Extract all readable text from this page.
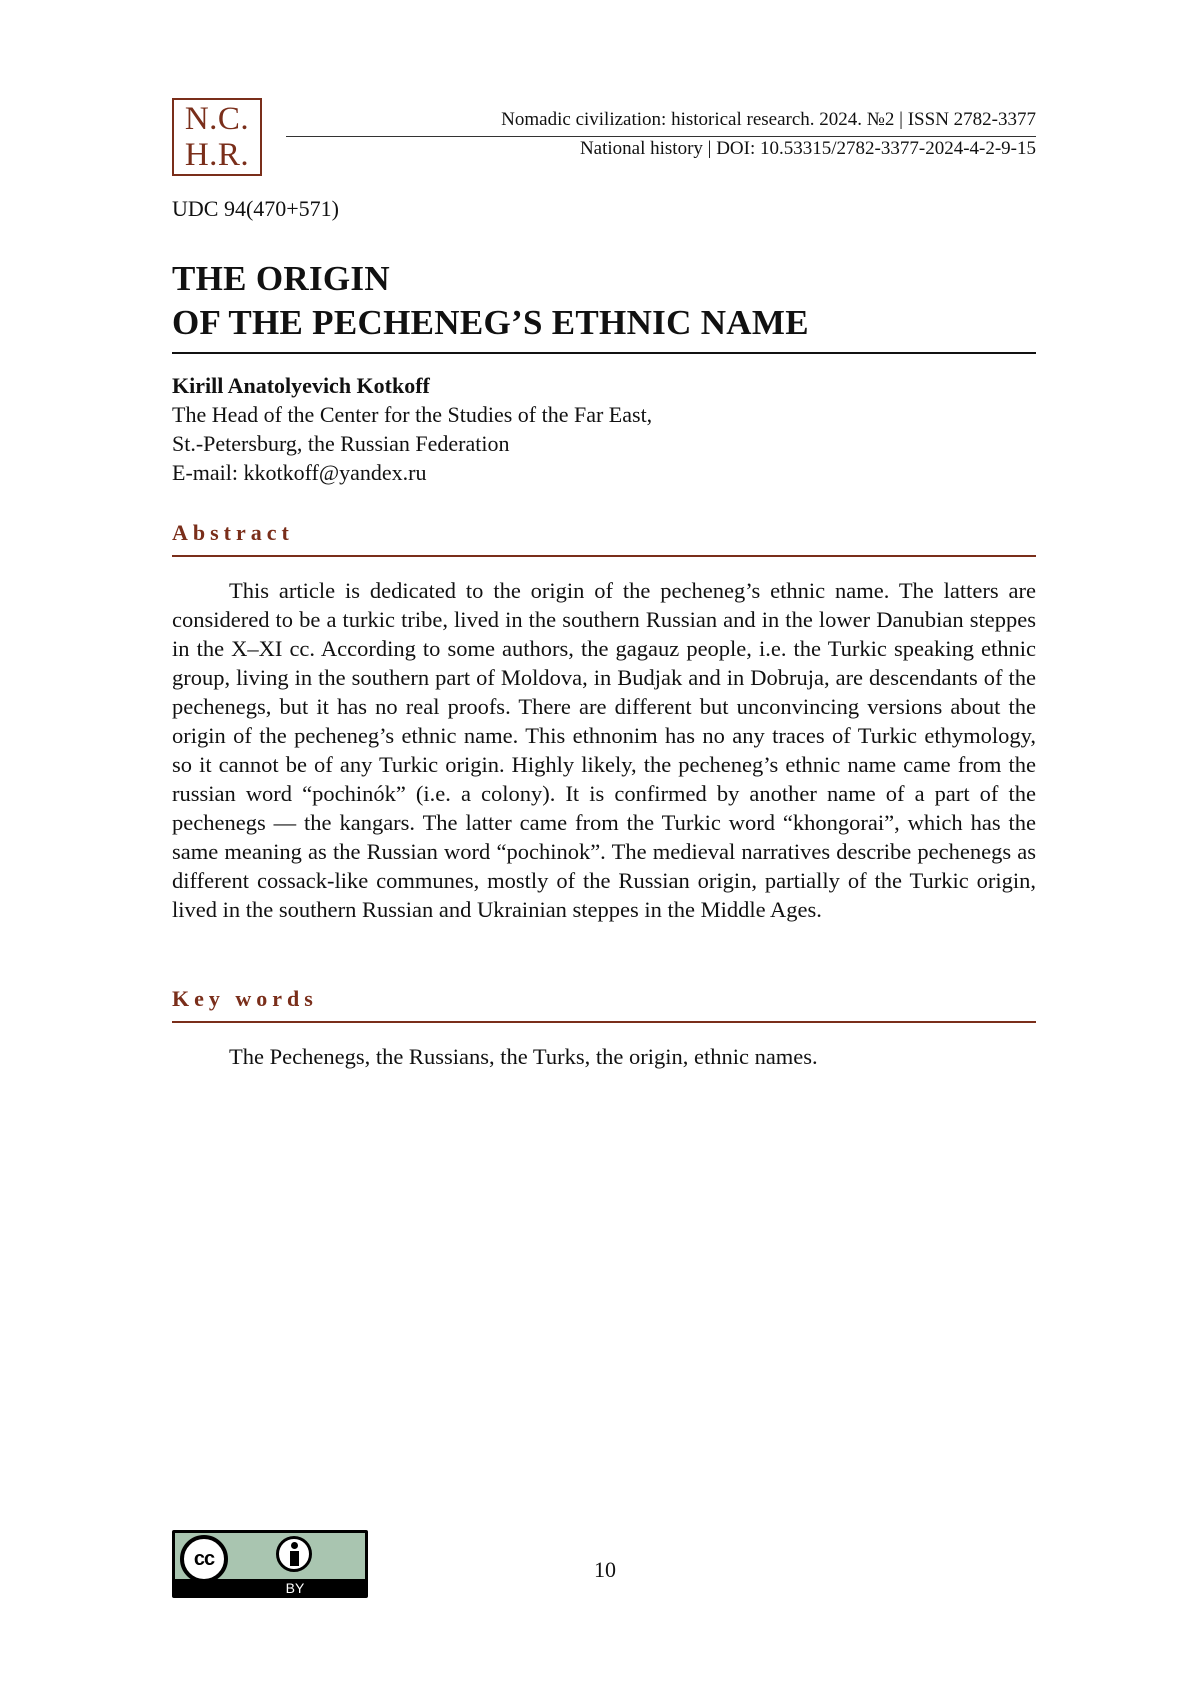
N.C.
H.R.
Nomadic civilization: historical research. 2024. №2 | ISSN 2782-3377
National history | DOI: 10.53315/2782-3377-2024-4-2-9-15
UDC 94(470+571)
THE ORIGIN
OF THE PECHENEG’S ETHNIC NAME
Kirill Anatolyevich Kotkoff
The Head of the Center for the Studies of the Far East,
St.-Petersburg, the Russian Federation
E-mail: kkotkoff@yandex.ru
Abstract

This article is dedicated to the origin of the pecheneg’s ethnic name. The latters are considered to be a turkic tribe, lived in the southern Russian and in the lower Danubian steppes in the X–XI cc. According to some authors, the gagauz people, i.e. the Turkic speaking ethnic group, living in the southern part of Moldova, in Budjak and in Dobruja, are descendants of the pechenegs, but it has no real proofs. There are different but unconvincing versions about the origin of the pecheneg’s ethnic name. This ethnonim has no any traces of Turkic ethymology, so it cannot be of any Turkic origin. Highly likely, the pecheneg’s ethnic name came from the russian word “pochinók” (i.e. a colony). It is confirmed by another name of a part of the pechenegs — the kangars. The latter came from the Turkic word “khongorai”, which has the same meaning as the Russian word “pochinok”. The medieval narratives describe pechenegs as different cossack-like communes, mostly of the Russian origin, partially of the Turkic origin, lived in the southern Russian and Ukrainian steppes in the Middle Ages.

Key words

The Pechenegs, the Russians, the Turks, the origin, ethnic names.

cc
BY
10
